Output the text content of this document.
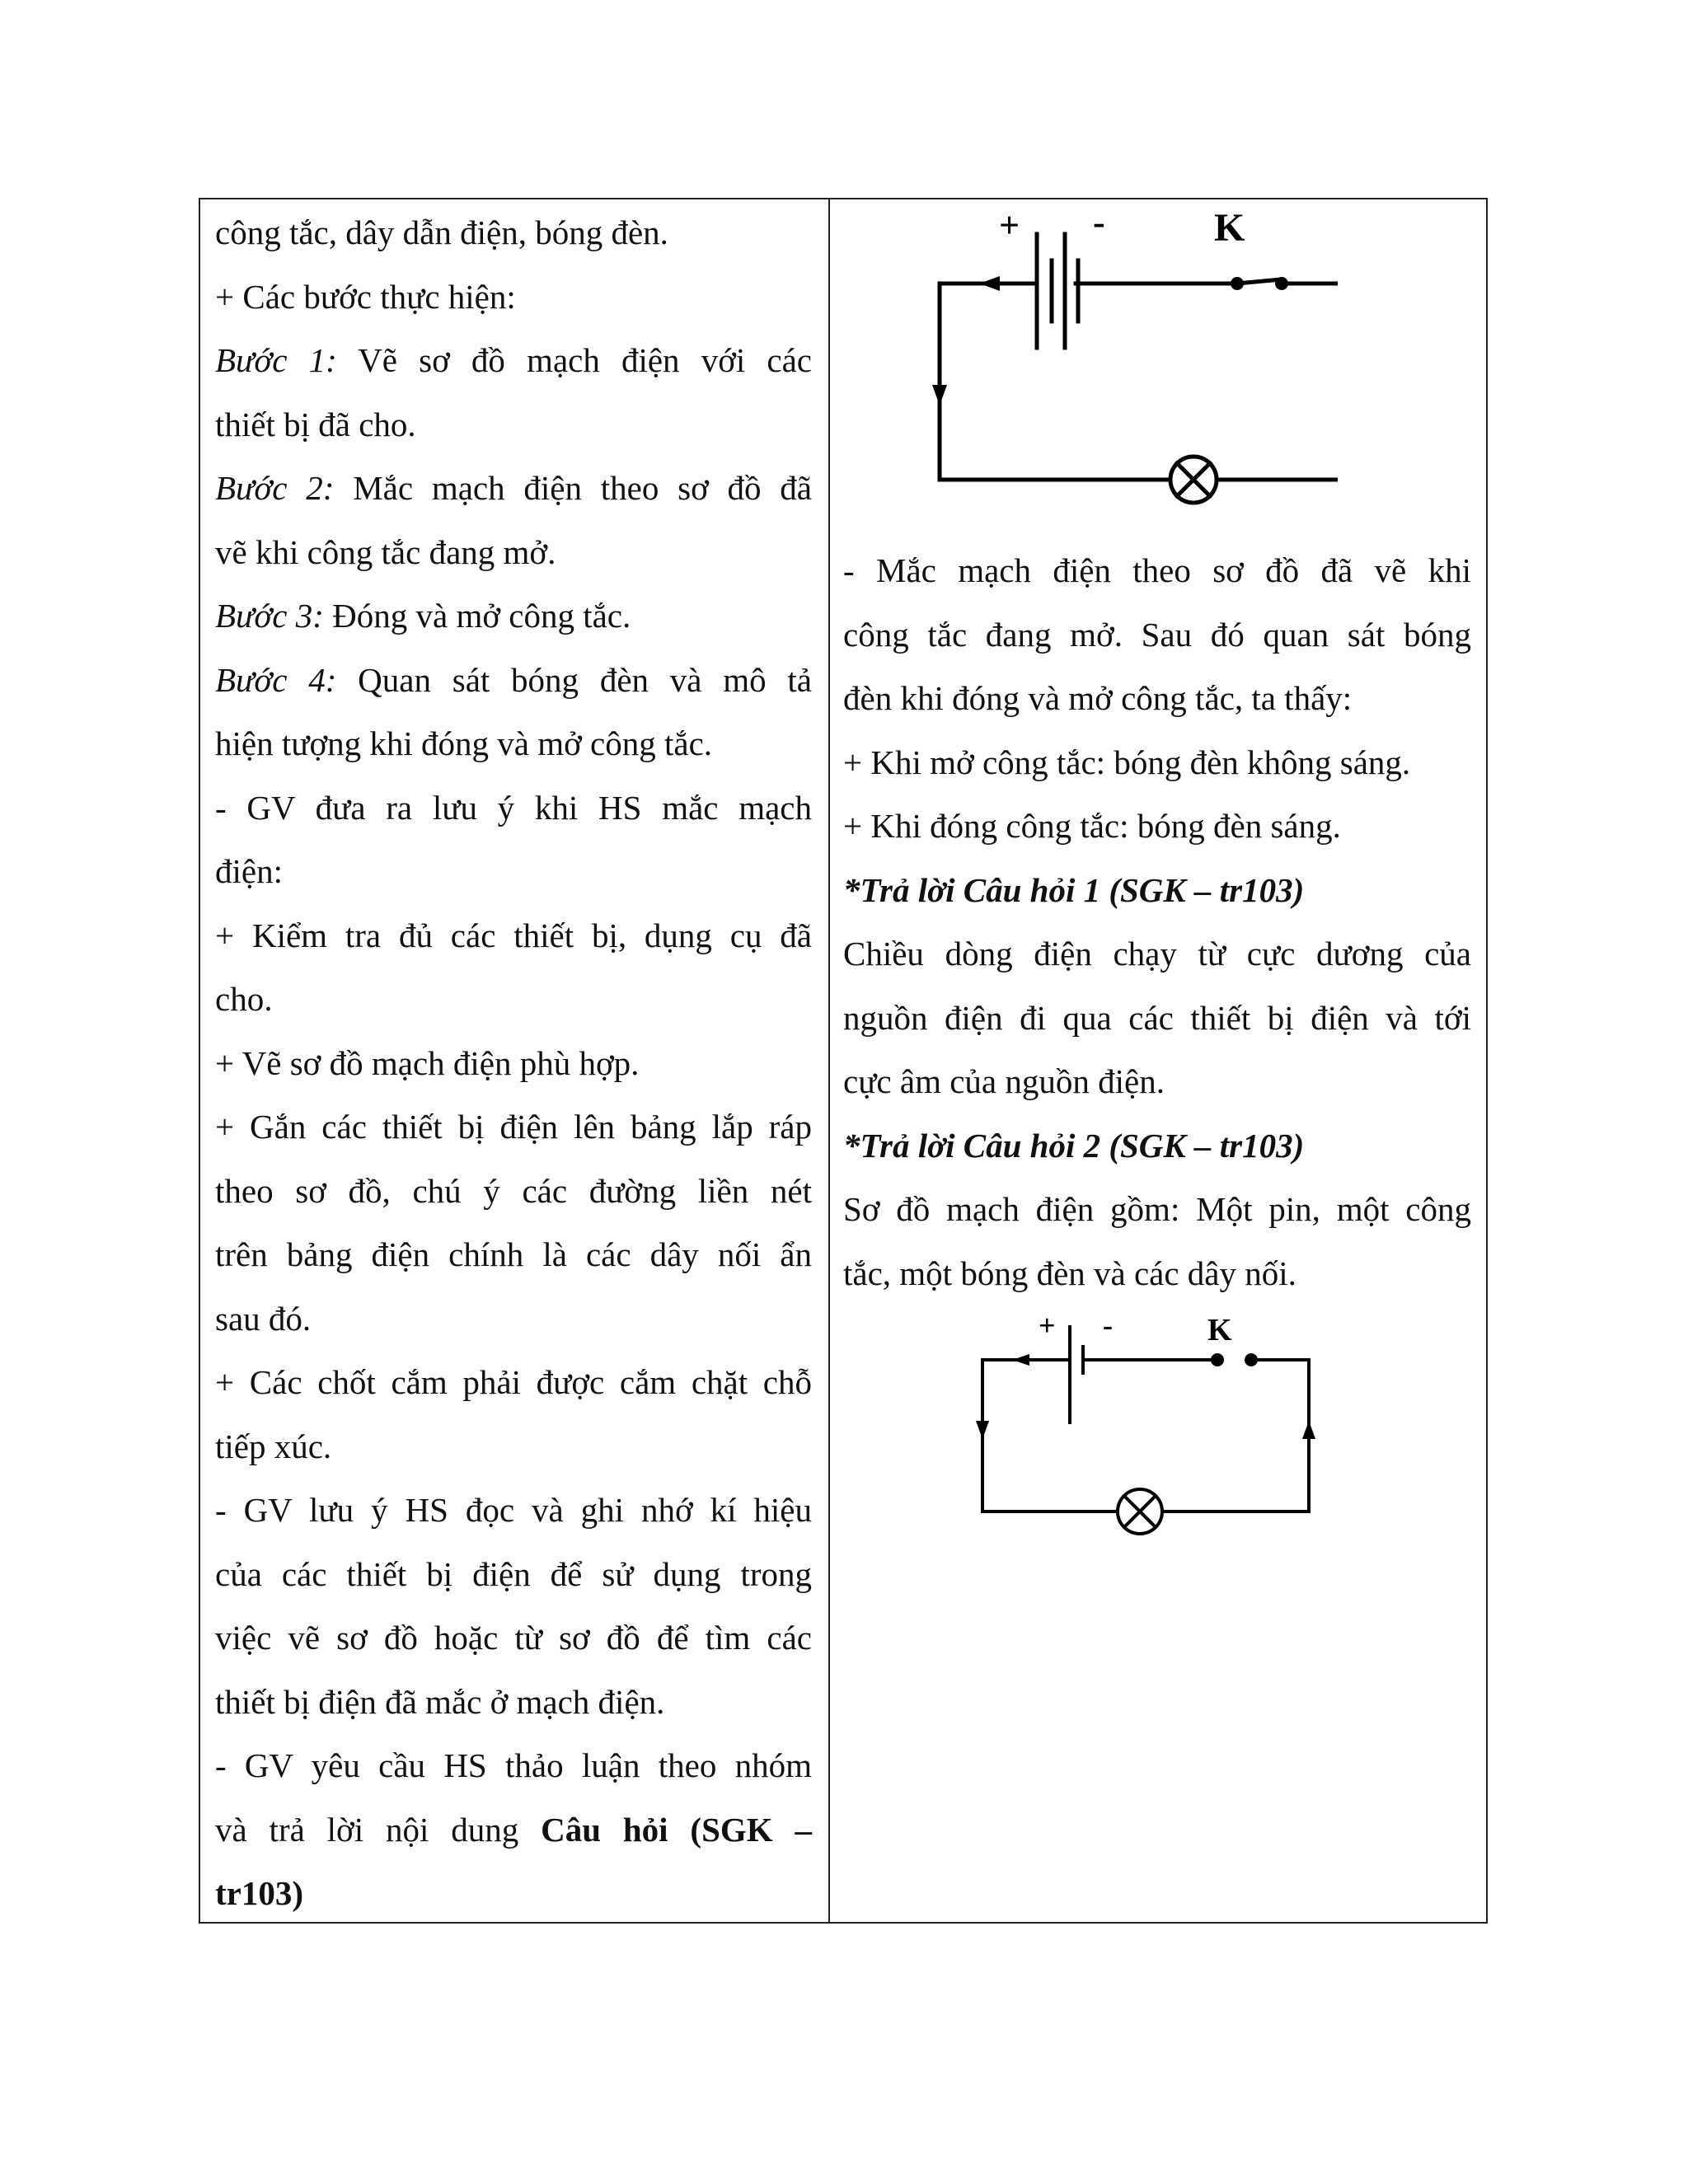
công tắc, dây dẫn điện, bóng đèn.

+ Các bước thực hiện:

Bước 1: Vẽ sơ đồ mạch điện với các

thiết bị đã cho.

Bước 2: Mắc mạch điện theo sơ đồ đã

vẽ khi công tắc đang mở.

Bước 3: Đóng và mở công tắc.

Bước 4: Quan sát bóng đèn và mô tả

hiện tượng khi đóng và mở công tắc.

- GV đưa ra lưu ý khi HS mắc mạch

điện:

+ Kiểm tra đủ các thiết bị, dụng cụ đã

cho.

+ Vẽ sơ đồ mạch điện phù hợp.

+ Gắn các thiết bị điện lên bảng lắp ráp

theo sơ đồ, chú ý các đường liền nét

trên bảng điện chính là các dây nối ẩn

sau đó.

+ Các chốt cắm phải được cắm chặt chỗ

tiếp xúc.

- GV lưu ý HS đọc và ghi nhớ kí hiệu

của các thiết bị điện để sử dụng trong

việc vẽ sơ đồ hoặc từ sơ đồ để tìm các

thiết bị điện đã mắc ở mạch điện.

- GV yêu cầu HS thảo luận theo nhóm

và trả lời nội dung Câu hỏi (SGK –

tr103)

+ -	K

- Mắc mạch điện theo sơ đồ đã vẽ khi

công tắc đang mở. Sau đó quan sát bóng

đèn khi đóng và mở công tắc, ta thấy:

+ Khi mở công tắc: bóng đèn không sáng.

+ Khi đóng công tắc: bóng đèn sáng.

*Trả lời Câu hỏi 1 (SGK – tr103)

Chiều dòng điện chạy từ cực dương của

nguồn điện đi qua các thiết bị điện và tới

cực âm của nguồn điện.

*Trả lời Câu hỏi 2 (SGK – tr103)

Sơ đồ mạch điện gồm: Một pin, một công

tắc, một bóng đèn và các dây nối.

+ -	K
